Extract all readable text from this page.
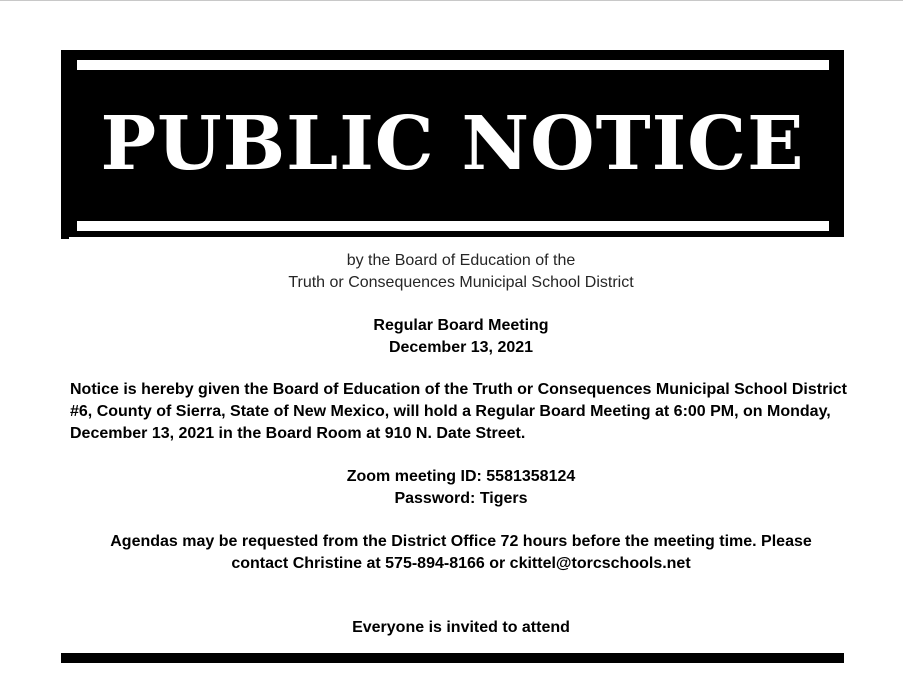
PUBLIC NOTICE
by the Board of Education of the
Truth or Consequences Municipal School District
Regular Board Meeting
December 13, 2021
Notice is hereby given the Board of Education of the Truth or Consequences Municipal School District #6, County of Sierra, State of New Mexico, will hold a Regular Board Meeting at 6:00 PM, on Monday, December 13, 2021 in the Board Room at 910 N. Date Street.
Zoom meeting ID: 5581358124
Password: Tigers
Agendas may be requested from the District Office 72 hours before the meeting time. Please
contact Christine at 575-894-8166 or ckittel@torcschools.net
Everyone is invited to attend
